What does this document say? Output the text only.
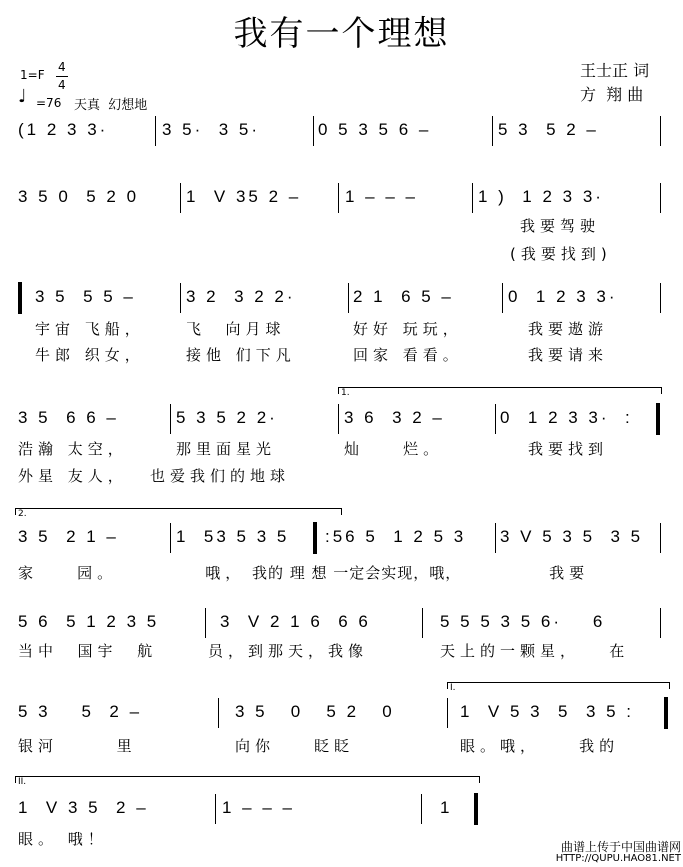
我有一个理想
1=F
4
4
♩ =76 天真  幻想地
王士正 词
方  翔 曲
(1 2 3 3·	3 5·  3 5·	0 5 3 5 6 –	5 3  5 2 –
3 5 0  5 2 0	1  V 35 2 –	1 – – –	1 )  1 2 3 3·
我要驾驶
(我要找到)
3 5  5 5 –	3 2  3 2 2·	2 1  6 5 –	0  1 2 3 3·
宇宙 飞船，	飞  向月球	好好 玩玩，	我要遨游
牛郎 织女，	接他 们下凡	回家 看看。	我要请来
3 5  6 6 –	5 3 5 2 2·	3 6  3 2 –	0  1 2 3 3·  :
1.
浩瀚 太空，	那里面星光	灿    烂。	我要找到
外星 友人， 也爱我们的地球
3 5  2 1 –	1  53 5 3 5 :56 5  1 2 5 3 3 V 5 3 5  3 5
2.
家    园。	哦， 我的 理 想 一定会实现，哦，	我要
5 6  5 1 2 3 5	3  V 2 1 6  6 6	5 5 5 3 5 6·    6
当中  国宇  航	员，到那天，我像	天上的一颗星，   在
5 3    5  2 –	3 5   0   5 2   0	1  V 5 3  5  3 5 :
I.
银河      里	向你    眨眨	眼。哦，    我的
1  V 3 5  2 –	1 – – –	1
II.
眼。 哦！	曲谱上传于中国曲谱网
HTTP://QUPU.HAO81.NET
